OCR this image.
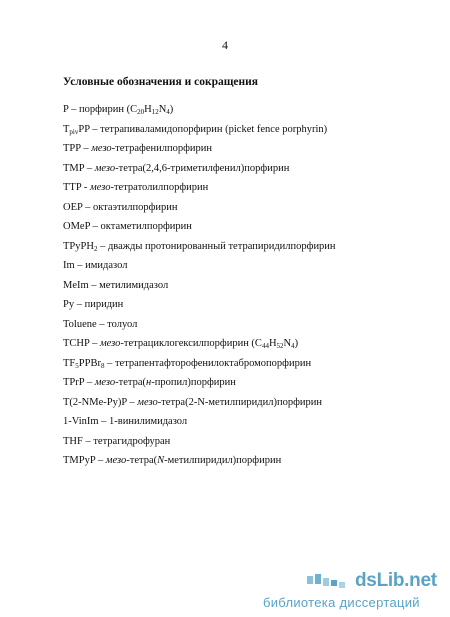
4
Условные обозначения и сокращения
P – порфирин $(C_{20}H_{12}N_4)$
$T_{piv}PP$ – тетрапиваламидопорфирин (picket fence porphyrin)
TPP – мезо-тетрафенилпорфирин
TMP – мезо-тетра(2,4,6-триметилфенил)порфирин
TTP - мезо-тетратолилпорфирин
OEP – октаэтилпорфирин
OMeP – октаметилпорфирин
TPyPH$_2$ – дважды протонированный тетрапиридилпорфирин
Im – имидазол
MeIm – метилимидазол
Py – пиридин
Toluene – толуол
TCHP – мезо-тетрациклогексилпорфирин $(C_{44}H_{52}N_4)$
$TF_5PPBr_8$ – тетрапентафторофенилоктабромопорфирин
TPrP – мезо-тетра(н-пропил)порфирин
T(2-NMe-Py)P – мезо-тетра(2-N-метилпиридил)порфирин
1-VinIm – 1-винилимидазол
THF – тетрагидрофуран
TMPyP – мезо-тетра(N-метилпиридил)порфирин
dsLib.net
библиотека диссертаций
